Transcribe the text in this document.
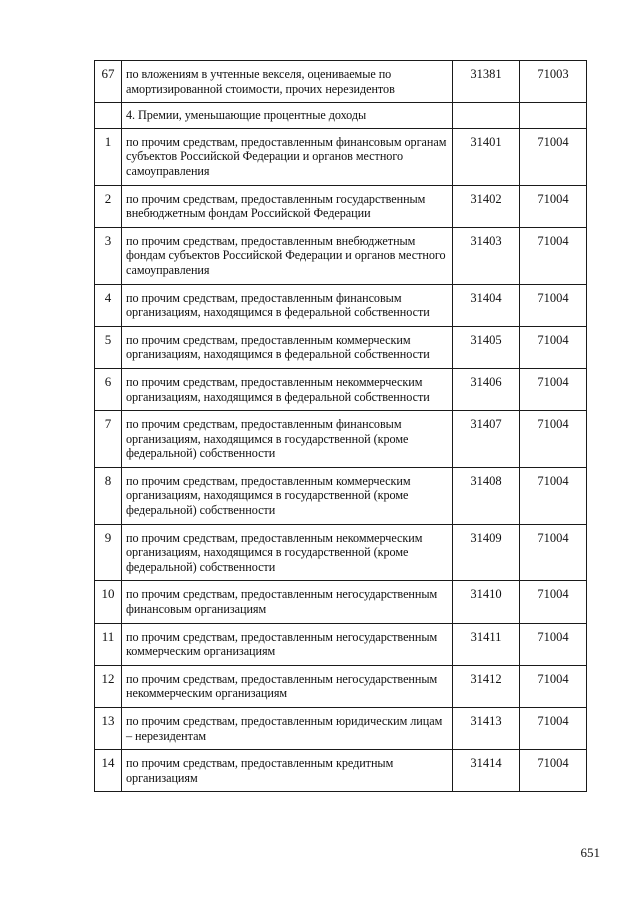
67	по вложениям в учтенные векселя, оцениваемые по амортизированной стоимости, прочих нерезидентов	31381	71003
	4. Премии, уменьшающие процентные доходы		
1	по прочим средствам, предоставленным финансовым органам субъектов Российской Федерации и органов местного самоуправления	31401	71004
2	по прочим средствам, предоставленным государственным внебюджетным фондам Российской Федерации	31402	71004
3	по прочим средствам, предоставленным внебюджетным фондам субъектов Российской Федерации и органов местного самоуправления	31403	71004
4	по прочим средствам, предоставленным финансовым организациям, находящимся в федеральной собственности	31404	71004
5	по прочим средствам, предоставленным коммерческим организациям, находящимся в федеральной собственности	31405	71004
6	по прочим средствам, предоставленным некоммерческим организациям, находящимся в федеральной собственности	31406	71004
7	по прочим средствам, предоставленным финансовым организациям, находящимся в государственной (кроме федеральной) собственности	31407	71004
8	по прочим средствам, предоставленным коммерческим организациям, находящимся в государственной (кроме федеральной) собственности	31408	71004
9	по прочим средствам, предоставленным некоммерческим организациям, находящимся в государственной (кроме федеральной) собственности	31409	71004
10	по прочим средствам, предоставленным негосударственным финансовым организациям	31410	71004
11	по прочим средствам, предоставленным негосударственным коммерческим организациям	31411	71004
12	по прочим средствам, предоставленным негосударственным некоммерческим организациям	31412	71004
13	по прочим средствам, предоставленным юридическим лицам – нерезидентам	31413	71004
14	по прочим средствам, предоставленным кредитным организациям	31414	71004
651
